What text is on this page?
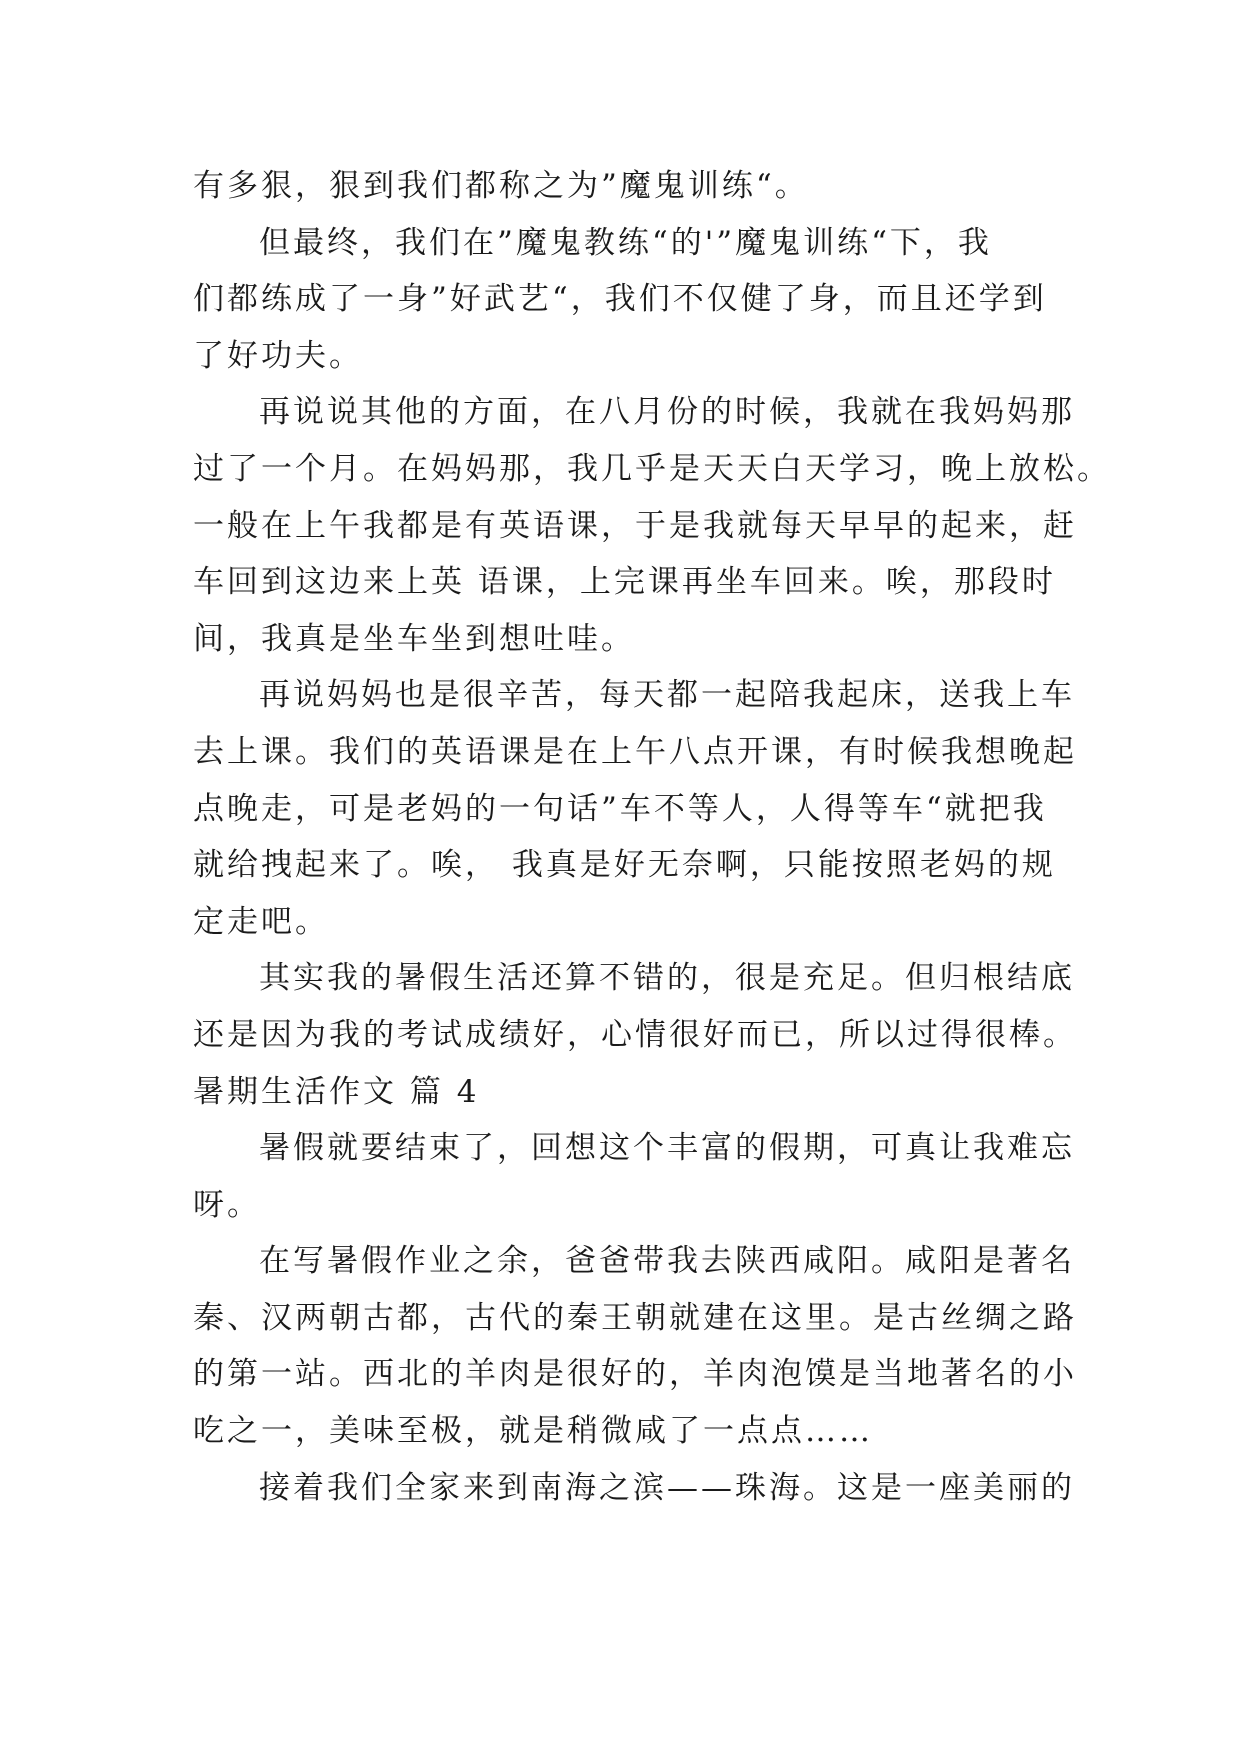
有多狠，狠到我们都称之为”魔鬼训练“。
但最终，我们在”魔鬼教练“的'”魔鬼训练“下，我
们都练成了一身”好武艺“，我们不仅健了身，而且还学到
了好功夫。
再说说其他的方面，在八月份的时候，我就在我妈妈那
过了一个月。在妈妈那，我几乎是天天白天学习，晚上放松。
一般在上午我都是有英语课，于是我就每天早早的起来，赶
车回到这边来上英 语课，上完课再坐车回来。唉，那段时
间，我真是坐车坐到想吐哇。
再说妈妈也是很辛苦，每天都一起陪我起床，送我上车
去上课。我们的英语课是在上午八点开课，有时候我想晚起
点晚走，可是老妈的一句话”车不等人，人得等车“就把我
就给拽起来了。唉， 我真是好无奈啊，只能按照老妈的规
定走吧。
其实我的暑假生活还算不错的，很是充足。但归根结底
还是因为我的考试成绩好，心情很好而已，所以过得很棒。
暑期生活作文 篇 4
暑假就要结束了，回想这个丰富的假期，可真让我难忘
呀。
在写暑假作业之余，爸爸带我去陕西咸阳。咸阳是著名
秦、汉两朝古都，古代的秦王朝就建在这里。是古丝绸之路
的第一站。西北的羊肉是很好的，羊肉泡馍是当地著名的小
吃之一，美味至极，就是稍微咸了一点点……
接着我们全家来到南海之滨——珠海。这是一座美丽的
